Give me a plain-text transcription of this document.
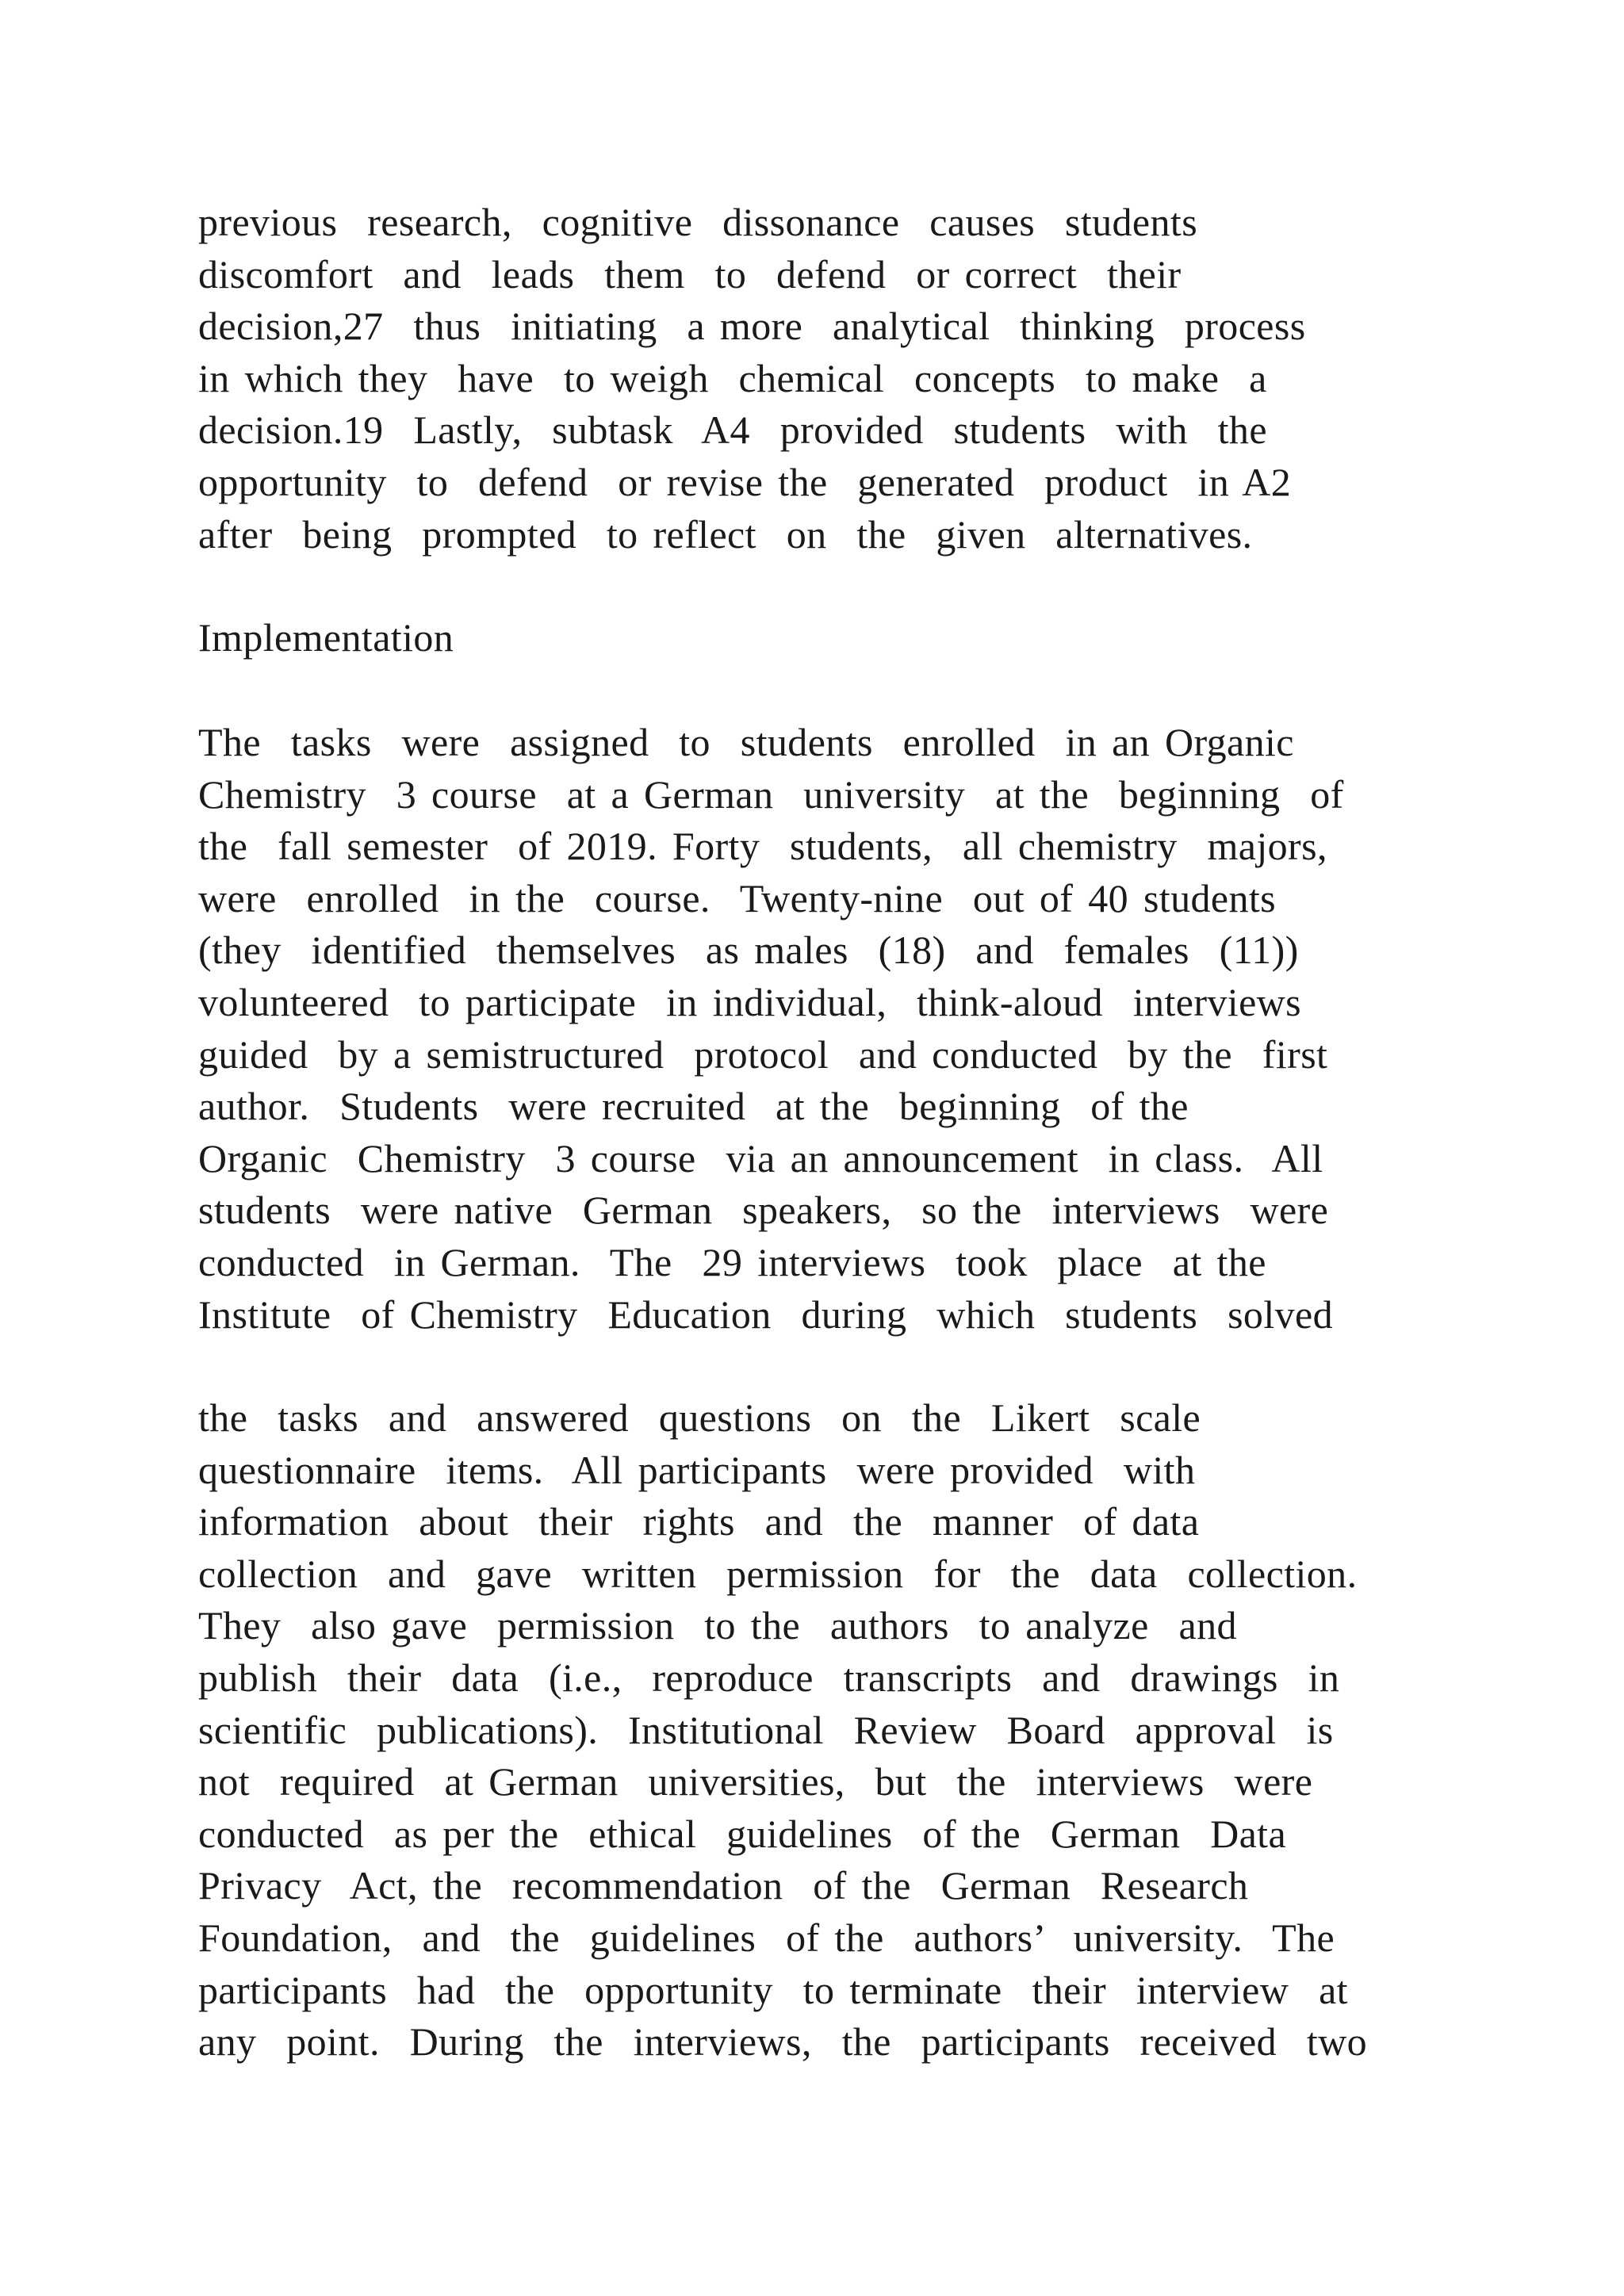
previous  research,  cognitive  dissonance  causes  students
discomfort  and  leads  them  to  defend  or correct  their
decision,27  thus  initiating  a more  analytical  thinking  process
in which they  have  to weigh  chemical  concepts  to make  a
decision.19  Lastly,  subtask  A4  provided  students  with  the
opportunity  to  defend  or revise the  generated  product  in A2
after  being  prompted  to reflect  on  the  given  alternatives.
Implementation
The  tasks  were  assigned  to  students  enrolled  in an Organic
Chemistry  3 course  at a German  university  at the  beginning  of
the  fall semester  of 2019. Forty  students,  all chemistry  majors,
were  enrolled  in the  course.  Twenty-nine  out of 40 students
(they  identified  themselves  as males  (18)  and  females  (11))
volunteered  to participate  in individual,  think-aloud  interviews
guided  by a semistructured  protocol  and conducted  by the  first
author.  Students  were recruited  at the  beginning  of the
Organic  Chemistry  3 course  via an announcement  in class.  All
students  were native  German  speakers,  so the  interviews  were
conducted  in German.  The  29 interviews  took  place  at the
Institute  of Chemistry  Education  during  which  students  solved
the  tasks  and  answered  questions  on  the  Likert  scale
questionnaire  items.  All participants  were provided  with
information  about  their  rights  and  the  manner  of data
collection  and  gave  written  permission  for  the  data  collection.
They  also gave  permission  to the  authors  to analyze  and
publish  their  data  (i.e.,  reproduce  transcripts  and  drawings  in
scientific  publications).  Institutional  Review  Board  approval  is
not  required  at German  universities,  but  the  interviews  were
conducted  as per the  ethical  guidelines  of the  German  Data
Privacy  Act, the  recommendation  of the  German  Research
Foundation,  and  the  guidelines  of the  authors’  university.  The
participants  had  the  opportunity  to terminate  their  interview  at
any  point.  During  the  interviews,  the  participants  received  two
